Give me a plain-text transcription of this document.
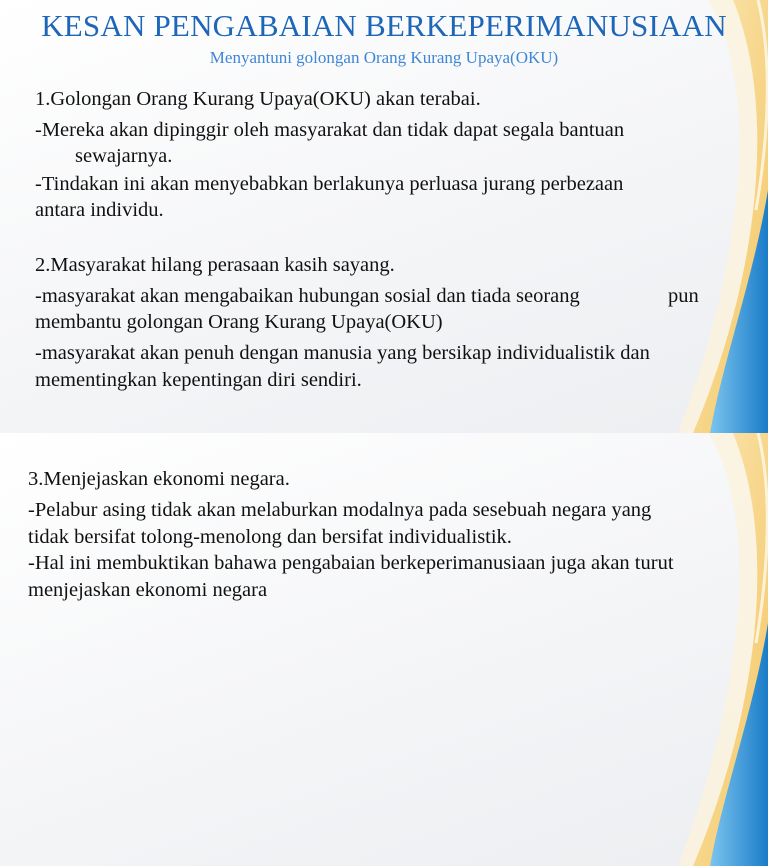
KESAN PENGABAIAN BERKEPERIMANUSIAAN
Menyantuni golongan Orang Kurang Upaya(OKU)
1.Golongan Orang Kurang Upaya(OKU) akan terabai.
-Mereka akan dipinggir oleh masyarakat dan tidak dapat segala bantuan
sewajarnya.
-Tindakan ini akan menyebabkan berlakunya perluasa jurang perbezaan
antara individu.
2.Masyarakat hilang perasaan kasih sayang.
-masyarakat akan mengabaikan hubungan sosial dan tiada seorang	pun
membantu golongan Orang Kurang Upaya(OKU)
-masyarakat akan penuh dengan manusia yang bersikap individualistik dan
mementingkan kepentingan diri sendiri.
3.Menjejaskan ekonomi negara.
-Pelabur asing tidak akan melaburkan modalnya pada sesebuah negara yang
tidak bersifat tolong-menolong dan bersifat individualistik.
-Hal ini membuktikan bahawa pengabaian berkeperimanusiaan juga akan turut
menjejaskan ekonomi negara
